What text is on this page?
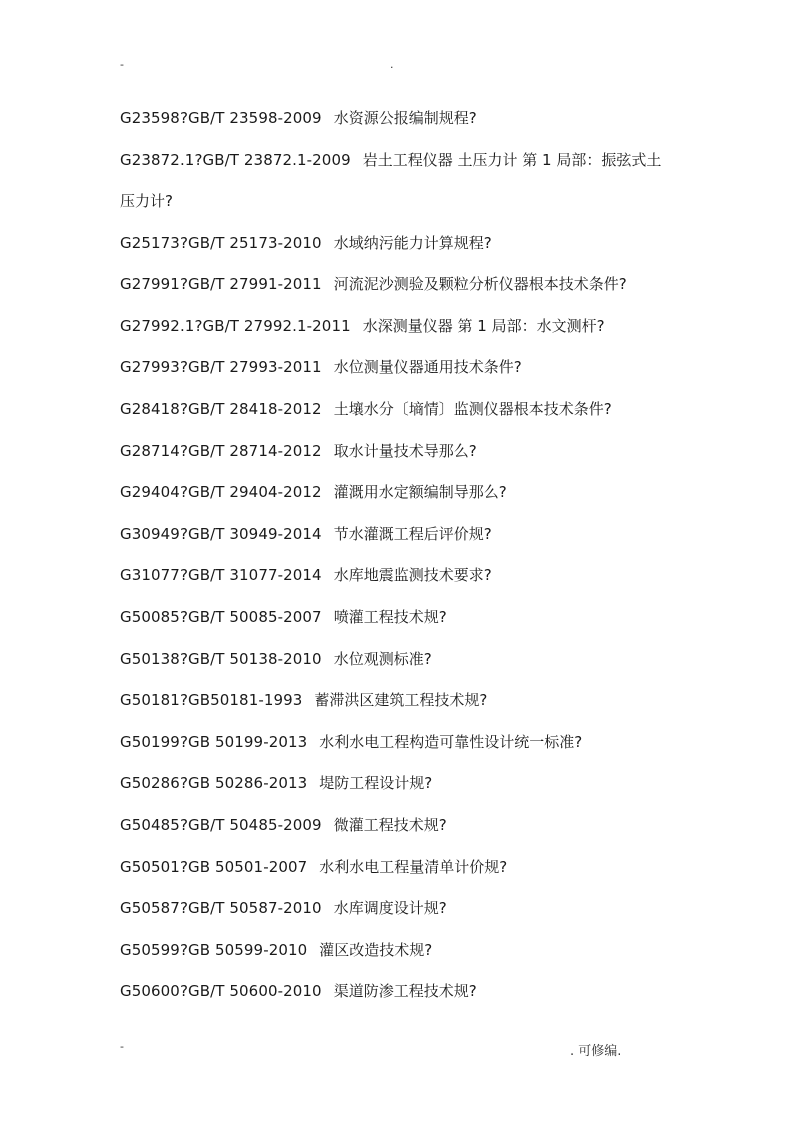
-	.
G23598?GB/T 23598-2009 水资源公报编制规程?
G23872.1?GB/T 23872.1-2009 岩土工程仪器 土压力计 第 1 局部：振弦式土
压力计?
G25173?GB/T 25173-2010 水域纳污能力计算规程?
G27991?GB/T 27991-2011 河流泥沙测验及颗粒分析仪器根本技术条件?
G27992.1?GB/T 27992.1-2011 水深测量仪器 第 1 局部：水文测杆?
G27993?GB/T 27993-2011 水位测量仪器通用技术条件?
G28418?GB/T 28418-2012 土壤水分〔墒情〕监测仪器根本技术条件?
G28714?GB/T 28714-2012 取水计量技术导那么?
G29404?GB/T 29404-2012 灌溉用水定额编制导那么?
G30949?GB/T 30949-2014 节水灌溉工程后评价规?
G31077?GB/T 31077-2014 水库地震监测技术要求?
G50085?GB/T 50085-2007 喷灌工程技术规?
G50138?GB/T 50138-2010 水位观测标准?
G50181?GB50181-1993 蓄滞洪区建筑工程技术规?
G50199?GB 50199-2013 水利水电工程构造可靠性设计统一标准?
G50286?GB 50286-2013 堤防工程设计规?
G50485?GB/T 50485-2009 微灌工程技术规?
G50501?GB 50501-2007 水利水电工程量清单计价规?
G50587?GB/T 50587-2010 水库调度设计规?
G50599?GB 50599-2010 灌区改造技术规?
G50600?GB/T 50600-2010 渠道防渗工程技术规?
-	. 可修编.
